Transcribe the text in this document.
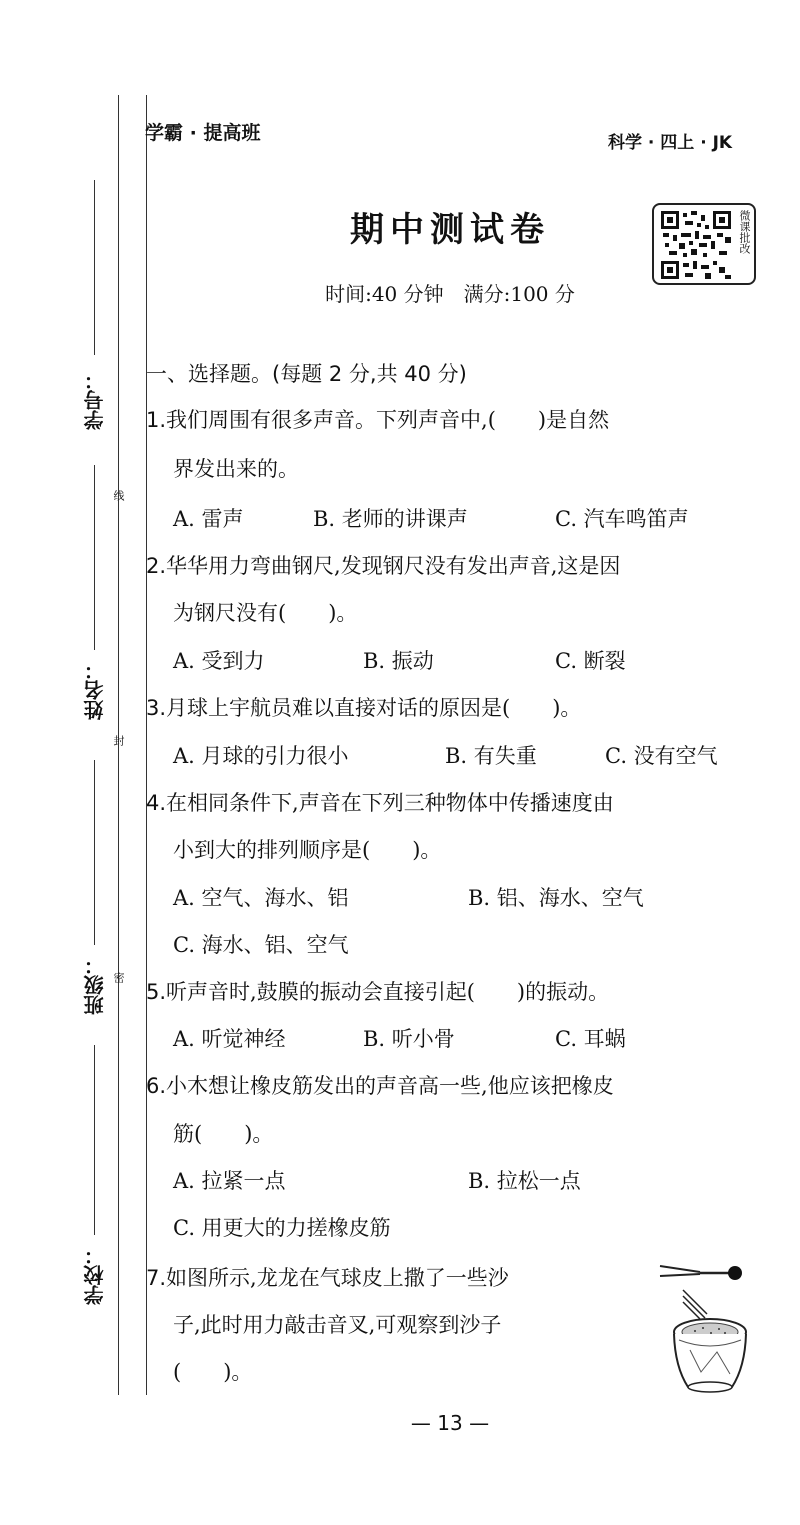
学号：
姓名：
班级：
学校：
线
封
密
学霸 · 提高班	科学 · 四上 · JK
期中测试卷
时间:40 分钟　满分:100 分
微课批改
一、选择题。(每题 2 分,共 40 分)
1.我们周围有很多声音。下列声音中,(　　)是自然
界发出来的。
A. 雷声	B. 老师的讲课声	C. 汽车鸣笛声
2.华华用力弯曲钢尺,发现钢尺没有发出声音,这是因
为钢尺没有(　　)。
A. 受到力	B. 振动	C. 断裂
3.月球上宇航员难以直接对话的原因是(　　)。
A. 月球的引力很小	B. 有失重	C. 没有空气
4.在相同条件下,声音在下列三种物体中传播速度由
小到大的排列顺序是(　　)。
A. 空气、海水、铝	B. 铝、海水、空气
C. 海水、铝、空气
5.听声音时,鼓膜的振动会直接引起(　　)的振动。
A. 听觉神经	B. 听小骨	C. 耳蜗
6.小木想让橡皮筋发出的声音高一些,他应该把橡皮
筋(　　)。
A. 拉紧一点	B. 拉松一点
C. 用更大的力搓橡皮筋
7.如图所示,龙龙在气球皮上撒了一些沙
子,此时用力敲击音叉,可观察到沙子
(　　)。
— 13 —
